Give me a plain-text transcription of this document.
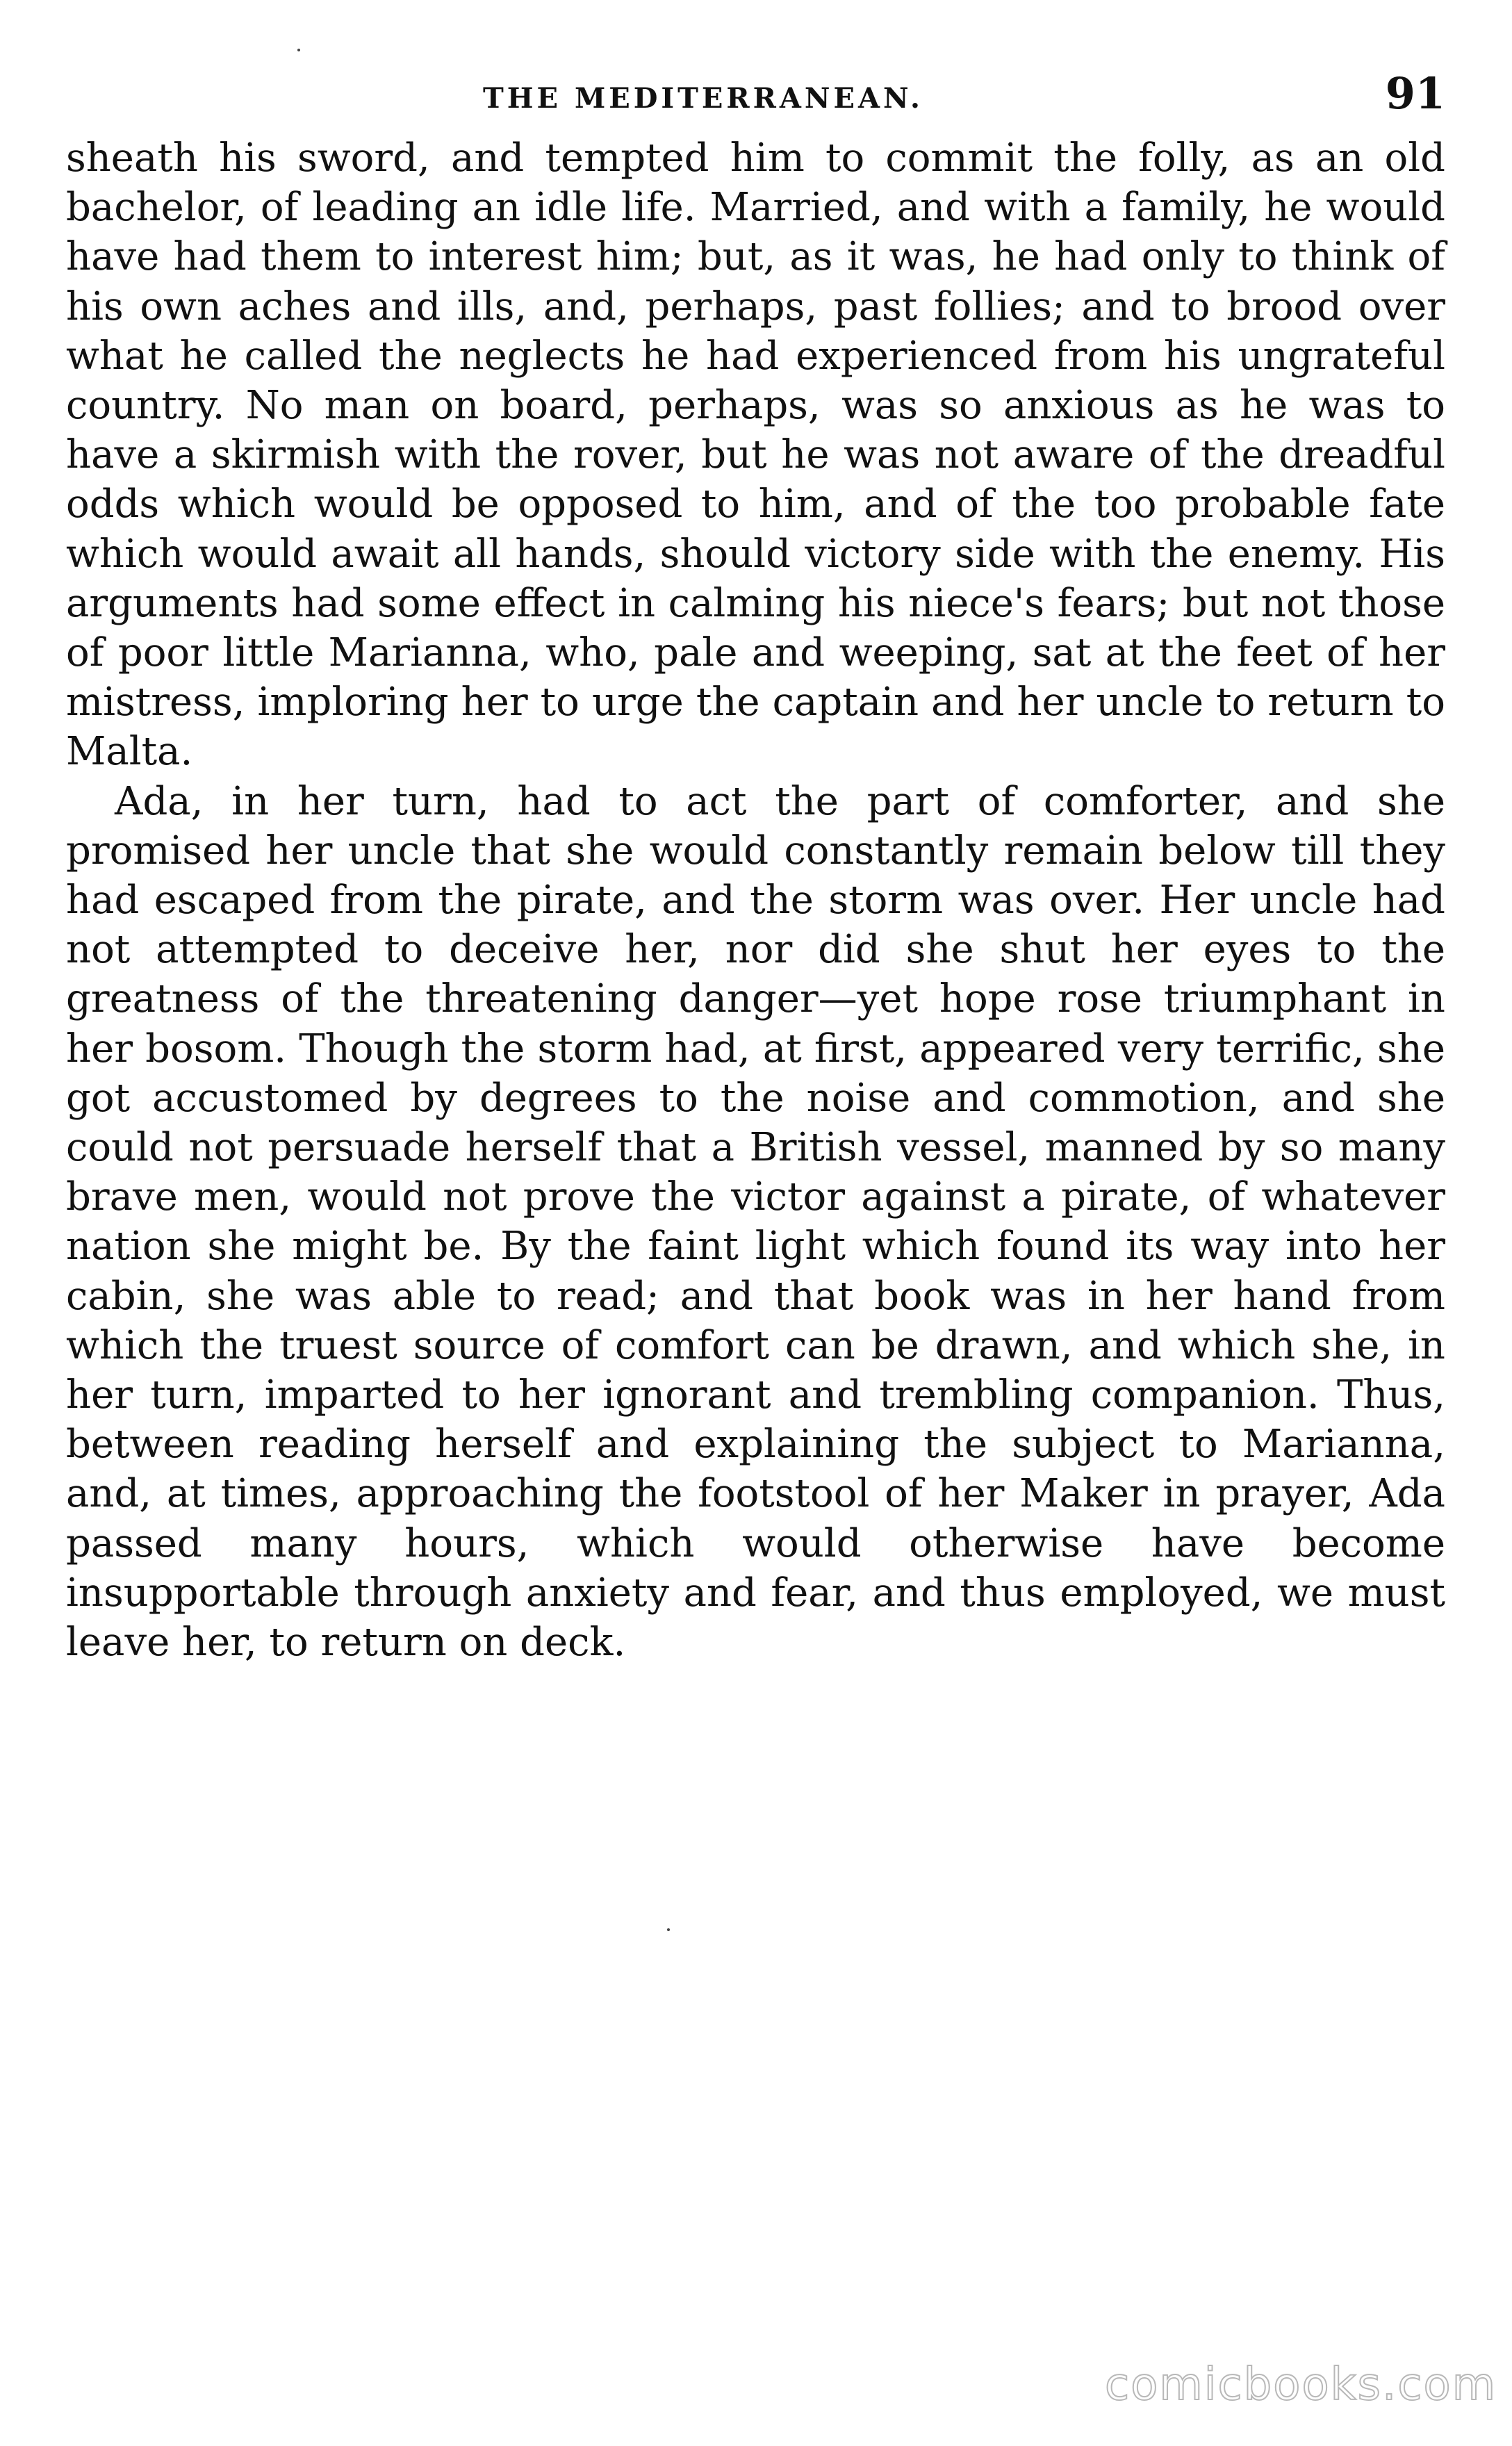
THE MEDITERRANEAN.	91

sheath his sword, and tempted him to commit the folly, as an old bachelor, of leading an idle life. Married, and with a family, he would have had them to interest him; but, as it was, he had only to think of his own aches and ills, and, perhaps, past follies; and to brood over what he called the neglects he had experienced from his ungrateful country. No man on board, perhaps, was so anxious as he was to have a skirmish with the rover, but he was not aware of the dreadful odds which would be opposed to him, and of the too probable fate which would await all hands, should victory side with the enemy. His arguments had some effect in calming his niece's fears; but not those of poor little Marianna, who, pale and weeping, sat at the feet of her mistress, imploring her to urge the captain and her uncle to return to Malta.

Ada, in her turn, had to act the part of comforter, and she promised her uncle that she would constantly remain below till they had escaped from the pirate, and the storm was over. Her uncle had not attempted to deceive her, nor did she shut her eyes to the greatness of the threatening danger—yet hope rose triumphant in her bosom. Though the storm had, at first, appeared very terrific, she got accustomed by degrees to the noise and commotion, and she could not persuade herself that a British vessel, manned by so many brave men, would not prove the victor against a pirate, of whatever nation she might be. By the faint light which found its way into her cabin, she was able to read; and that book was in her hand from which the truest source of comfort can be drawn, and which she, in her turn, imparted to her ignorant and trembling companion. Thus, between reading herself and explaining the subject to Marianna, and, at times, approaching the footstool of her Maker in prayer, Ada passed many hours, which would otherwise have become insupportable through anxiety and fear, and thus employed, we must leave her, to return on deck.

comicbooks.com
